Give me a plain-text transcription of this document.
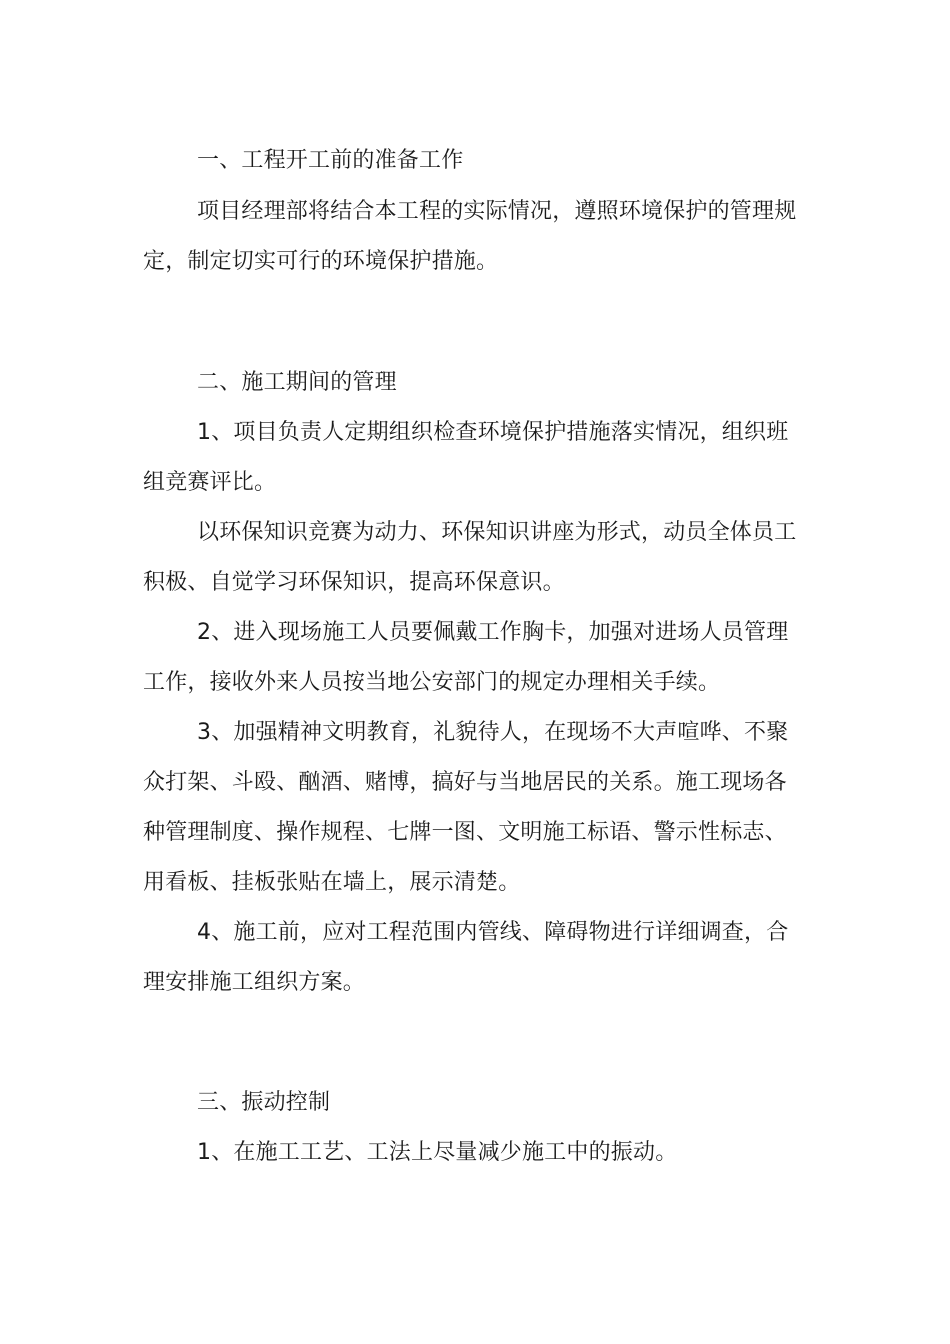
一、工程开工前的准备工作

项目经理部将结合本工程的实际情况，遵照环境保护的管理规定，制定切实可行的环境保护措施。

二、施工期间的管理

1、项目负责人定期组织检查环境保护措施落实情况，组织班组竞赛评比。

以环保知识竞赛为动力、环保知识讲座为形式，动员全体员工积极、自觉学习环保知识，提高环保意识。

2、进入现场施工人员要佩戴工作胸卡，加强对进场人员管理工作，接收外来人员按当地公安部门的规定办理相关手续。

3、加强精神文明教育，礼貌待人，在现场不大声喧哗、不聚众打架、斗殴、酗酒、赌博，搞好与当地居民的关系。施工现场各种管理制度、操作规程、七牌一图、文明施工标语、警示性标志、用看板、挂板张贴在墙上，展示清楚。

4、施工前，应对工程范围内管线、障碍物进行详细调查，合理安排施工组织方案。

三、振动控制

1、在施工工艺、工法上尽量减少施工中的振动。
